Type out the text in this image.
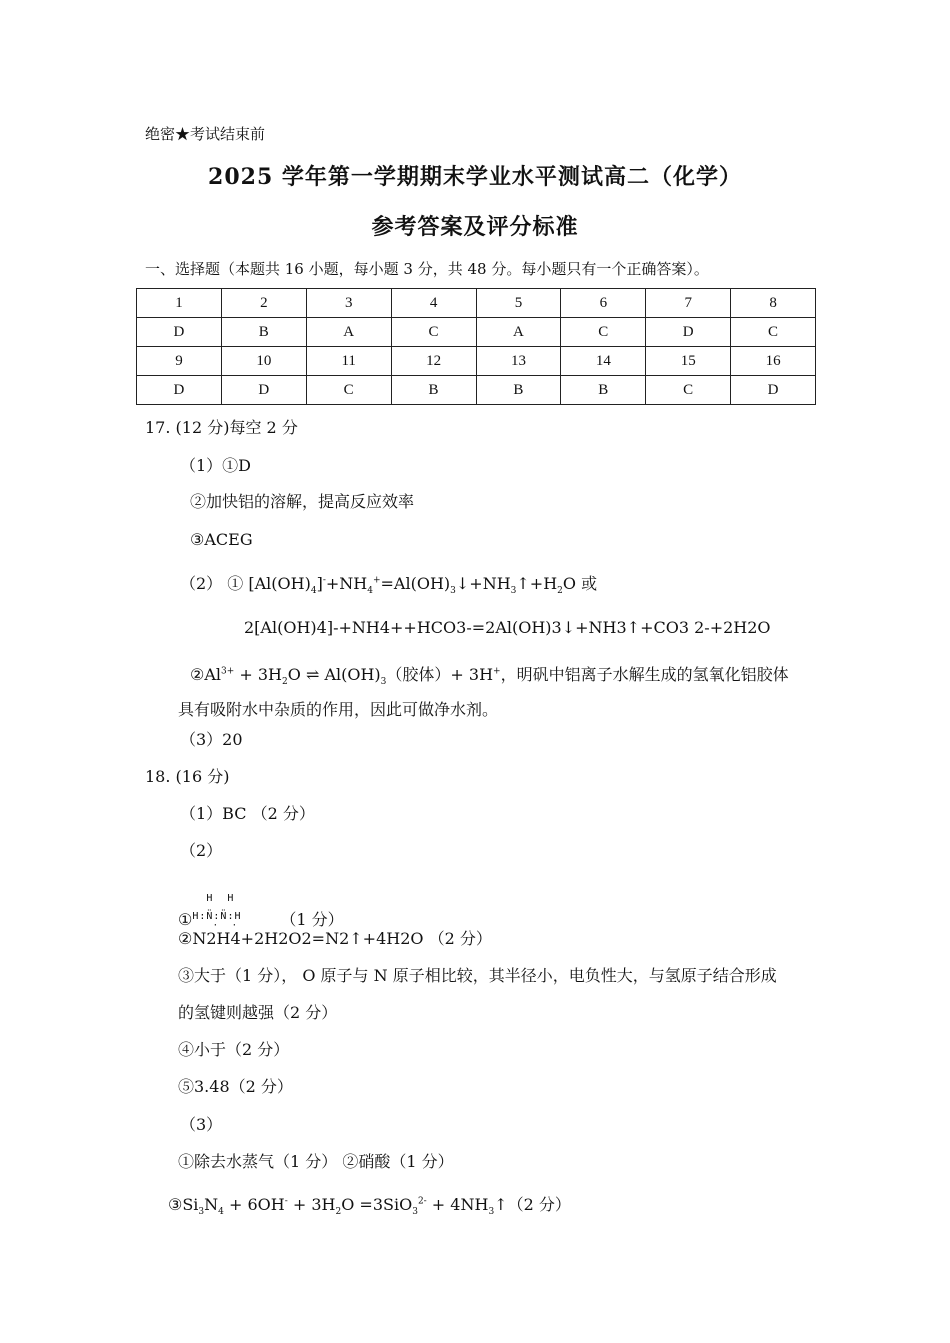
绝密★考试结束前
2025 学年第一学期期末学业水平测试高二（化学）
参考答案及评分标准
一、选择题（本题共 16 小题，每小题 3 分，共 48 分。每小题只有一个正确答案）。
1	2	3	4	5	6	7	8
D	B	A	C	A	C	D	C
9	10	11	12	13	14	15	16
D	D	C	B	B	B	C	D
17. (12 分)每空 2 分
（1）①D
②加快铝的溶解，提高反应效率
③ACEG
（2） ① $[Al(OH)_4]^-+NH_4^+=Al(OH)_3↓+NH_3↑+H_2O$ 或
2[Al(OH)4]-+NH4++HCO3-=2Al(OH)3↓+NH3↑+CO3 2-+2H2O
$②Al^{3+} + 3H_2O$ ⇌ $Al(OH)_3$（胶体）+ 3H+，明矾中铝离子水解生成的氢氧化铝胶体
具有吸附水中杂质的作用，因此可做净水剂。
（3）20
18. (16 分)
（1）BC （2 分）
（2）
①
HH
H:N̈:N̈:H
·· （1 分）
②N2H4+2H2O2=N2↑+4H2O （2 分）
③大于（1 分）， O 原子与 N 原子相比较，其半径小，电负性大，与氢原子结合形成
的氢键则越强（2 分）
④小于（2 分）
⑤3.48（2 分）
（3）
①除去水蒸气（1 分） ②硝酸（1 分）
$③Si_3N_4 + 6OH^- + 3H_2O =3SiO_3^{2-}$ + $4NH_3↑(2$ 分）
